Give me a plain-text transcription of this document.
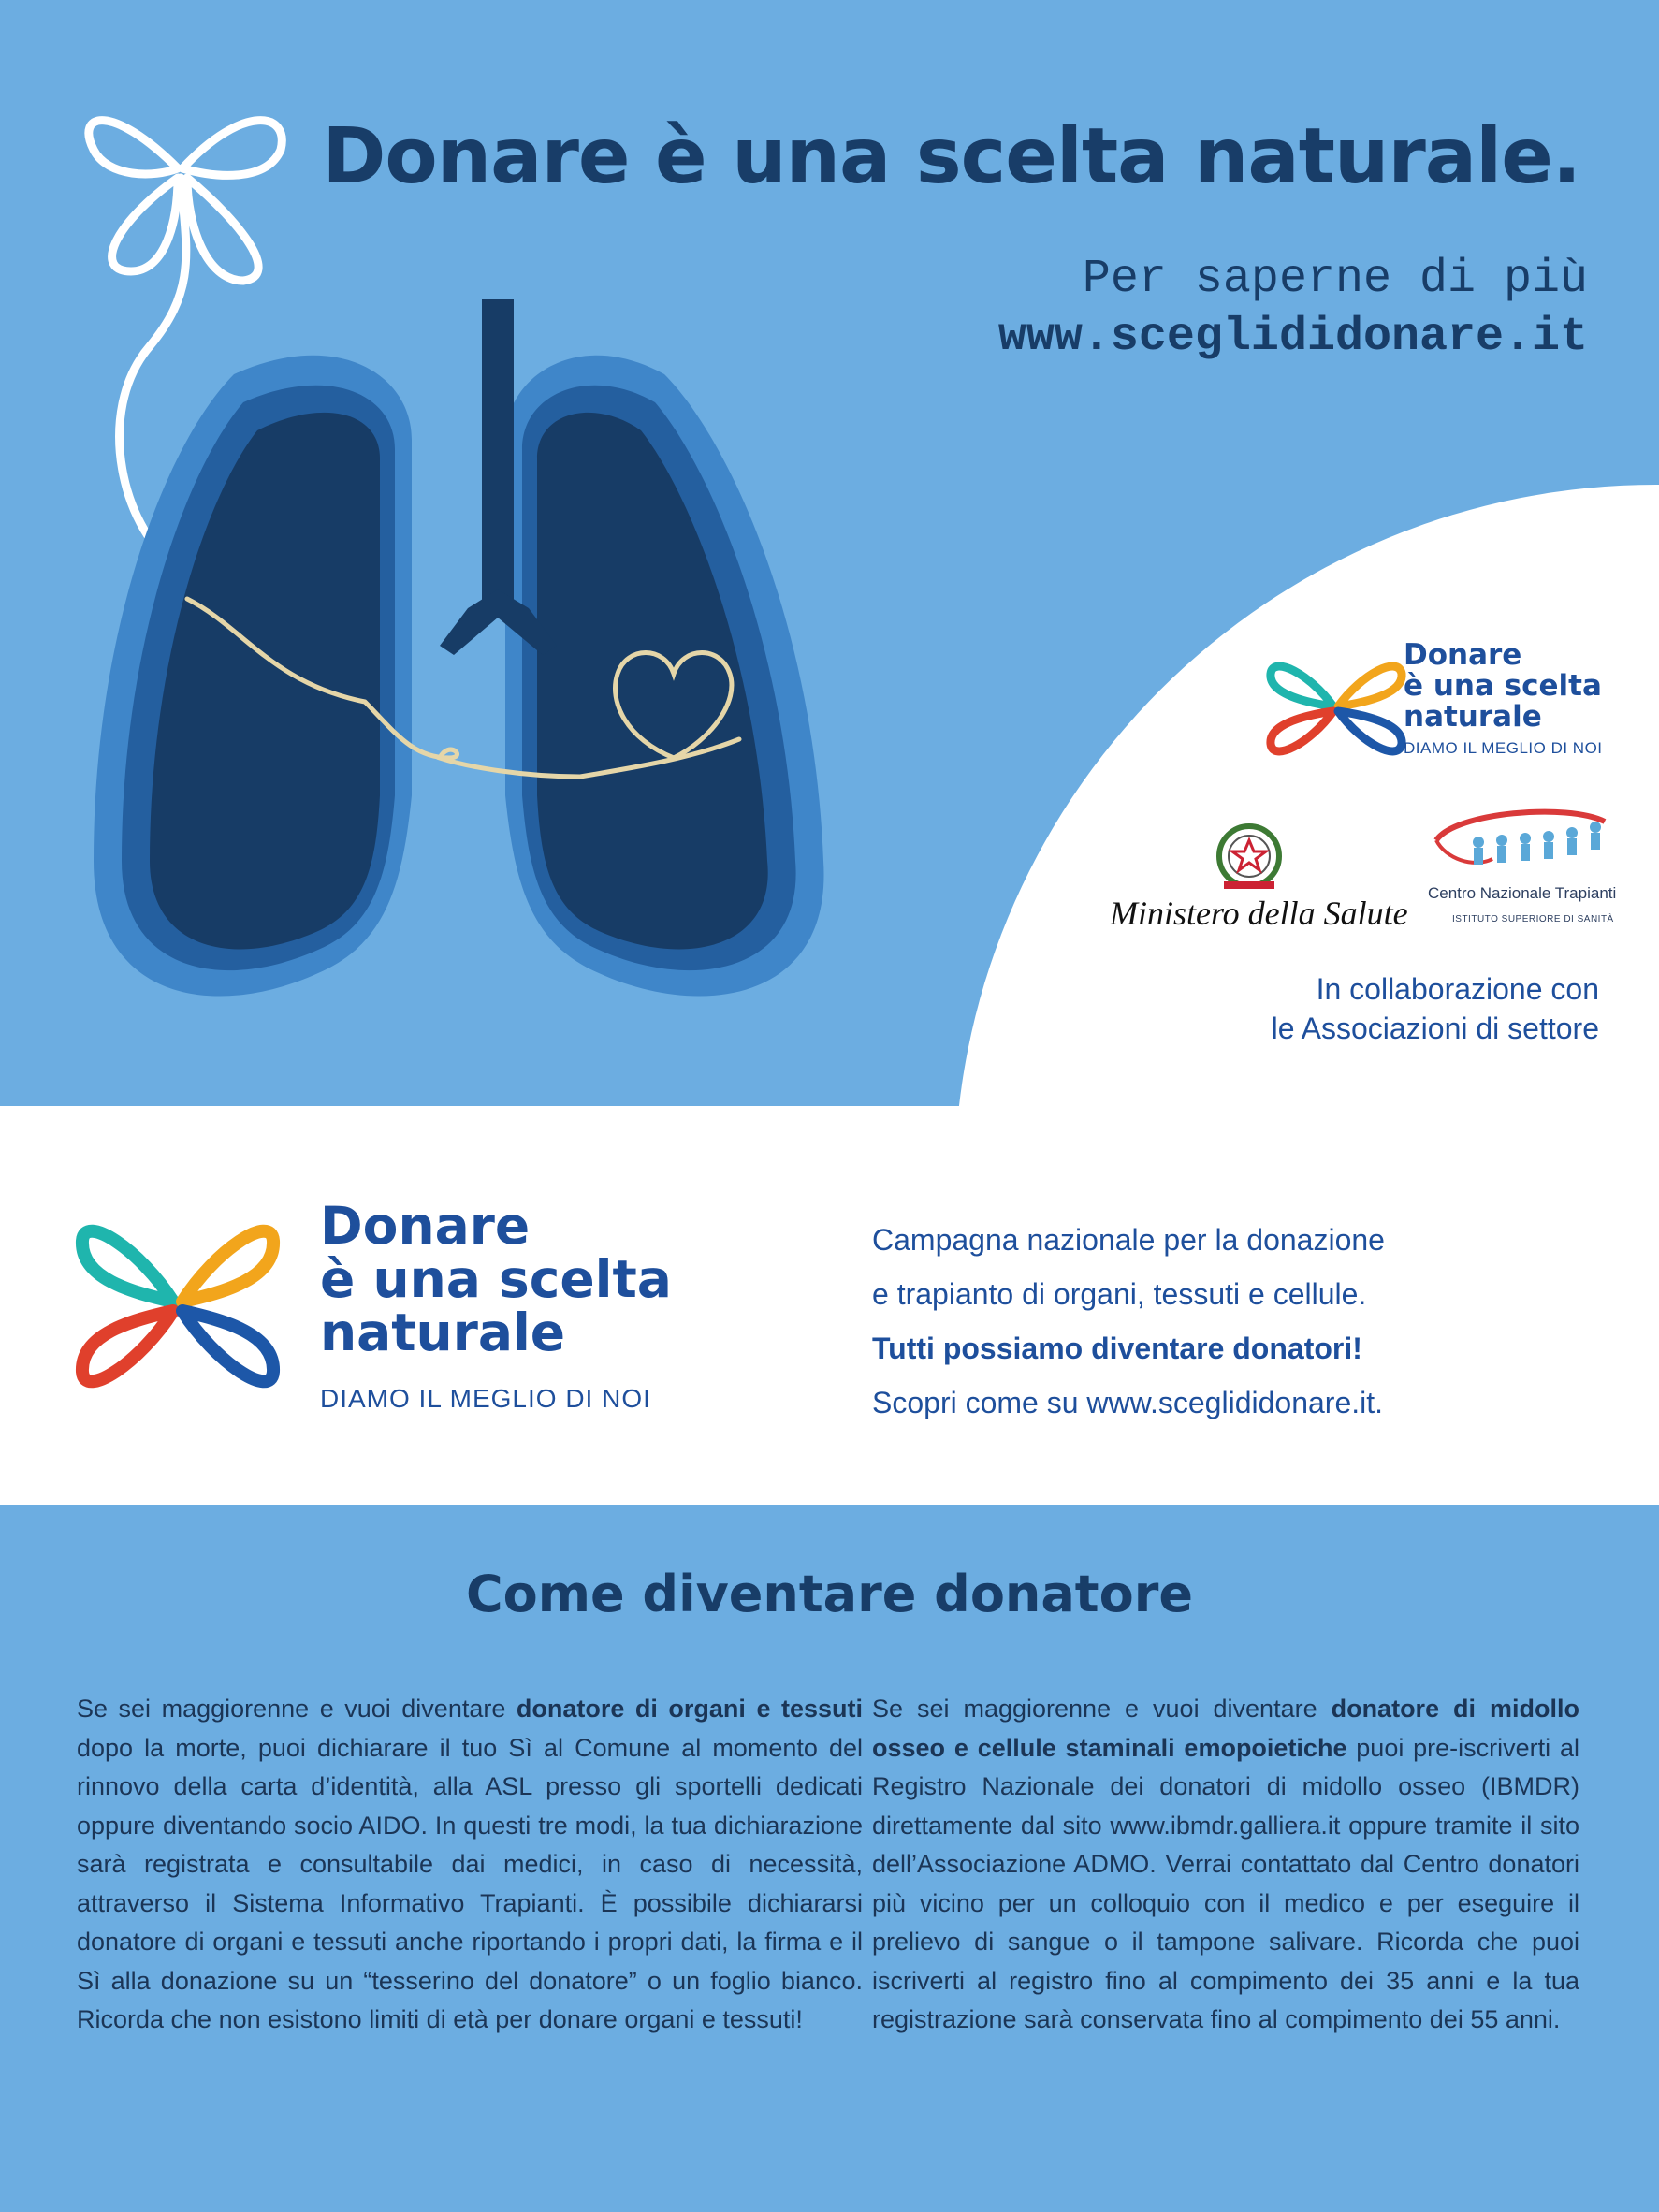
Donare è una scelta naturale.
Per saperne di più
www.sceglididonare.it
Donare
è una scelta
naturale
DIAMO IL MEGLIO DI NOI
Ministero della Salute
Centro Nazionale Trapianti
ISTITUTO SUPERIORE DI SANITÀ
In collaborazione con
le Associazioni di settore
Donare
è una scelta
naturale
DIAMO IL MEGLIO DI NOI
Campagna nazionale per la donazione
e trapianto di organi, tessuti e cellule.
Tutti possiamo diventare donatori!
Scopri come su www.sceglididonare.it.
Come diventare donatore
Se sei maggiorenne e vuoi diventare donatore di organi e tessuti dopo la morte, puoi dichiarare il tuo Sì al Comune al momento del rinnovo della carta d’identità, alla ASL presso gli sportelli dedicati oppure diventando socio AIDO. In questi tre modi, la tua dichiarazione sarà registrata e consultabile dai medici, in caso di necessità, attraverso il Sistema Informativo Trapianti. È possibile dichiararsi donatore di organi e tessuti anche riportando i propri dati, la firma e il Sì alla donazione su un “tesserino del donatore” o un foglio bianco. Ricorda che non esistono limiti di età per donare organi e tessuti!
Se sei maggiorenne e vuoi diventare donatore di midollo osseo e cellule staminali emopoietiche puoi pre-iscriverti al Registro Nazionale dei donatori di midollo osseo (IBMDR) direttamente dal sito www.ibmdr.galliera.it oppure tramite il sito dell’Associazione ADMO. Verrai contattato dal Centro donatori più vicino per un colloquio con il medico e per eseguire il prelievo di sangue o il tampone salivare. Ricorda che puoi iscriverti al registro fino al compimento dei 35 anni e la tua registrazione sarà conservata fino al compimento dei 55 anni.
